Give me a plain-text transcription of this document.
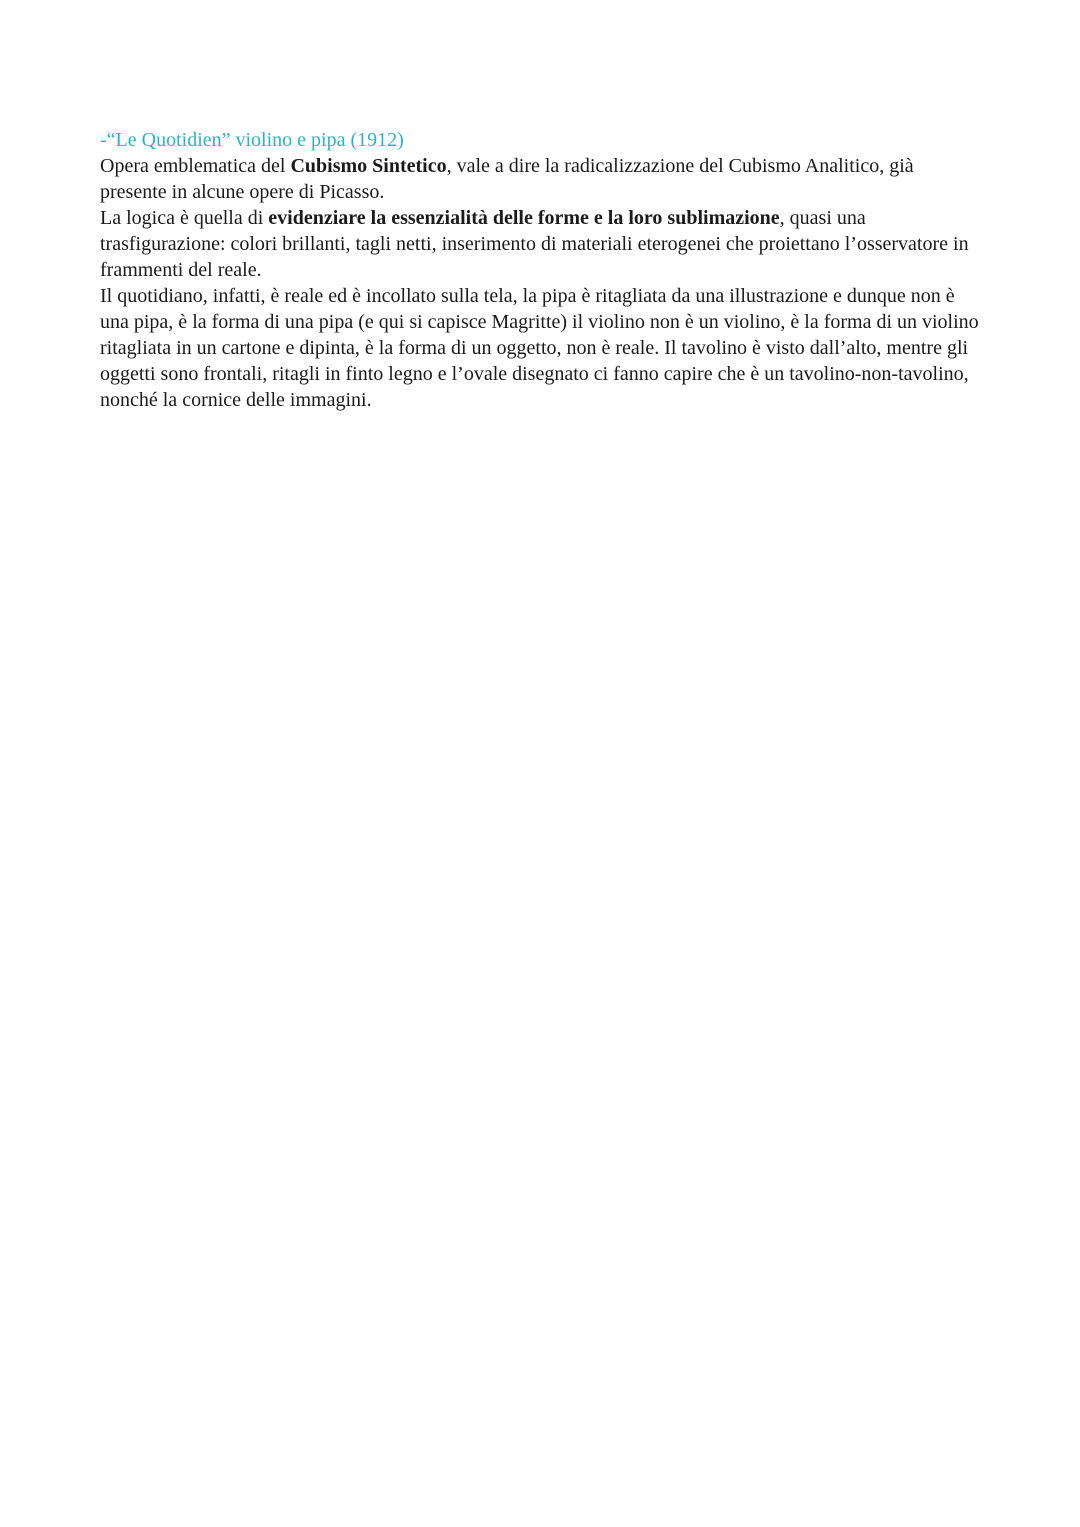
-“Le Quotidien” violino e pipa (1912)

Opera emblematica del Cubismo Sintetico, vale a dire la radicalizzazione del Cubismo Analitico, già presente in alcune opere di Picasso.

La logica è quella di evidenziare la essenzialità delle forme e la loro sublimazione, quasi una trasfigurazione: colori brillanti, tagli netti, inserimento di materiali eterogenei che proiettano l’osservatore in frammenti del reale.

Il quotidiano, infatti, è reale ed è incollato sulla tela, la pipa è ritagliata da una illustrazione e dunque non è una pipa, è la forma di una pipa (e qui si capisce Magritte) il violino non è un violino, è la forma di un violino ritagliata in un cartone e dipinta, è la forma di un oggetto, non è reale. Il tavolino è visto dall’alto, mentre gli oggetti sono frontali, ritagli in finto legno e l’ovale disegnato ci fanno capire che è un tavolino-non-tavolino, nonché la cornice delle immagini.
